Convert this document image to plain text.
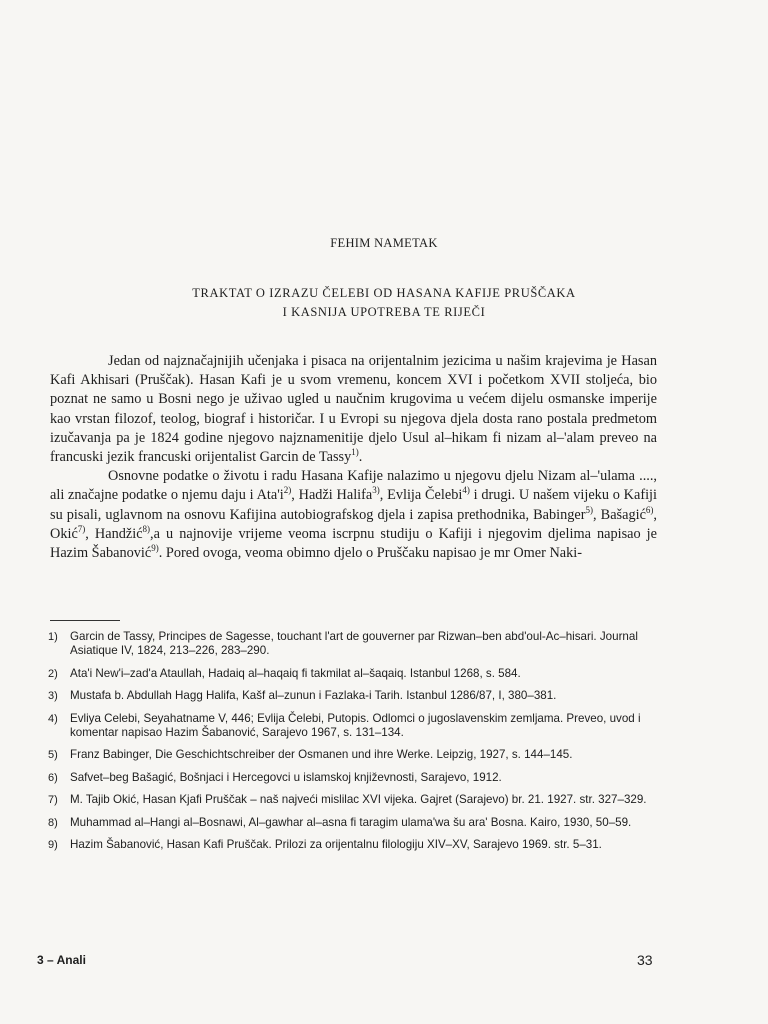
FEHIM NAMETAK
TRAKTAT O IZRAZU ČELEBI OD HASANA KAFIJE PRUŠČAKA
I KASNIJA UPOTREBA TE RIJEČI

Jedan od najznačajnijih učenjaka i pisaca na orijentalnim jezicima u našim krajevima je Hasan Kafi Akhisari (Pruščak). Hasan Kafi je u svom vremenu, koncem XVI i početkom XVII stoljeća, bio poznat ne samo u Bosni nego je uživao ugled u naučnim krugovima u većem dijelu osmanske imperije kao vrstan filozof, teolog, biograf i historičar. I u Evropi su njegova djela dosta rano postala predmetom izučavanja pa je 1824 godine njegovo najznamenitije djelo Usul al–hikam fi nizam al–'alam preveo na francuski jezik francuski orijentalist Garcin de Tassy$^{1)}$.

Osnovne podatke o životu i radu Hasana Kafije nalazimo u njegovu djelu Nizam al–'ulama ...., ali značajne podatke o njemu daju i $Ata'i^{2)}$, Hadži Halifa$^{3)}$, Evlija Čelebi$^{4)}$ i drugi. U našem vijeku o Kafiji su pisali, uglavnom na osnovu Kafijina autobiografskog djela i zapisa prethodnika, Babinger$^{5)}$, Bašagić$^{6)}$, Okić$^{7)}$, Handžić$^{8)}$,a u najnovije vrijeme veoma iscrpnu studiju o Kafiji i njegovim djelima napisao je Hazim Šabanović$^{9)}$. Pored ovoga, veoma obimno djelo o Pruščaku napisao je mr Omer Naki-

1)	Garcin de Tassy, Principes de Sagesse, touchant l'art de gouverner par Rizwan–ben abd'oul-Ac–hisari. Journal Asiatique IV, 1824, 213–226, 283–290.
2)	Ata'i New'i–zad'a Ataullah, Hadaiq al–haqaiq fi takmilat al–šaqaiq. Istanbul 1268, s. 584.
3)	Mustafa b. Abdullah Hagg Halifa, Kašf al–zunun i Fazlaka-i Tarih. Istanbul 1286/87, I, 380–381.
4)	Evliya Celebi, Seyahatname V, 446; Evlija Čelebi, Putopis. Odlomci o jugoslavenskim zemljama. Preveo, uvod i komentar napisao Hazim Šabanović, Sarajevo 1967, s. 131–134.
5)	Franz Babinger, Die Geschichtschreiber der Osmanen und ihre Werke. Leipzig, 1927, s. 144–145.
6)	Safvet–beg Bašagić, Bošnjaci i Hercegovci u islamskoj književnosti, Sarajevo, 1912.
7)	M. Tajib Okić, Hasan Kjafi Pruščak – naš najveći mislilac XVI vijeka. Gajret (Sarajevo) br. 21. 1927. str. 327–329.
8)	Muhammad al–Hangi al–Bosnawi, Al–gawhar al–asna fi taragim ulama'wa šu ara' Bosna. Kairo, 1930, 50–59.
9)	Hazim Šabanović, Hasan Kafi Pruščak. Prilozi za orijentalnu filologiju XIV–XV, Sarajevo 1969. str. 5–31.
3 – Anali	33
